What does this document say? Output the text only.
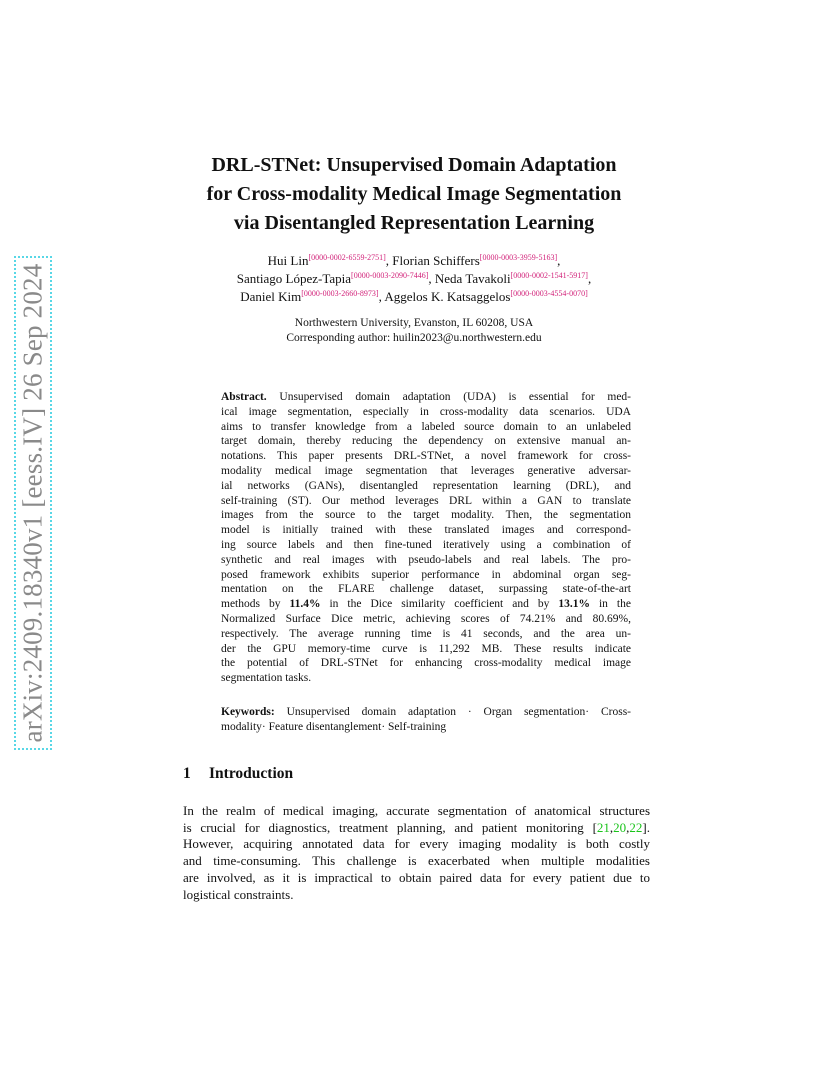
arXiv:2409.18340v1 [eess.IV] 26 Sep 2024
DRL-STNet: Unsupervised Domain Adaptation
for Cross-modality Medical Image Segmentation
via Disentangled Representation Learning
Hui Lin[0000-0002-6559-2751], Florian Schiffers[0000-0003-3959-5163],
Santiago López-Tapia[0000-0003-2090-7446], Neda Tavakoli[0000-0002-1541-5917],
Daniel Kim[0000-0003-2660-8973], Aggelos K. Katsaggelos[0000-0003-4554-0070]
Northwestern University, Evanston, IL 60208, USA
Corresponding author: huilin2023@u.northwestern.edu
Abstract. Unsupervised domain adaptation (UDA) is essential for med-
ical image segmentation, especially in cross-modality data scenarios. UDA
aims to transfer knowledge from a labeled source domain to an unlabeled
target domain, thereby reducing the dependency on extensive manual an-
notations. This paper presents DRL-STNet, a novel framework for cross-
modality medical image segmentation that leverages generative adversar-
ial networks (GANs), disentangled representation learning (DRL), and
self-training (ST). Our method leverages DRL within a GAN to translate
images from the source to the target modality. Then, the segmentation
model is initially trained with these translated images and correspond-
ing source labels and then fine-tuned iteratively using a combination of
synthetic and real images with pseudo-labels and real labels. The pro-
posed framework exhibits superior performance in abdominal organ seg-
mentation on the FLARE challenge dataset, surpassing state-of-the-art
methods by 11.4% in the Dice similarity coefficient and by 13.1% in the
Normalized Surface Dice metric, achieving scores of 74.21% and 80.69%,
respectively. The average running time is 41 seconds, and the area un-
der the GPU memory-time curve is 11,292 MB. These results indicate
the potential of DRL-STNet for enhancing cross-modality medical image
segmentation tasks.
Keywords: Unsupervised domain adaptation · Organ segmentation· Cross-
modality· Feature disentanglement· Self-training
1 Introduction
In the realm of medical imaging, accurate segmentation of anatomical structures
is crucial for diagnostics, treatment planning, and patient monitoring [21,20,22].
However, acquiring annotated data for every imaging modality is both costly
and time-consuming. This challenge is exacerbated when multiple modalities
are involved, as it is impractical to obtain paired data for every patient due to
logistical constraints.
